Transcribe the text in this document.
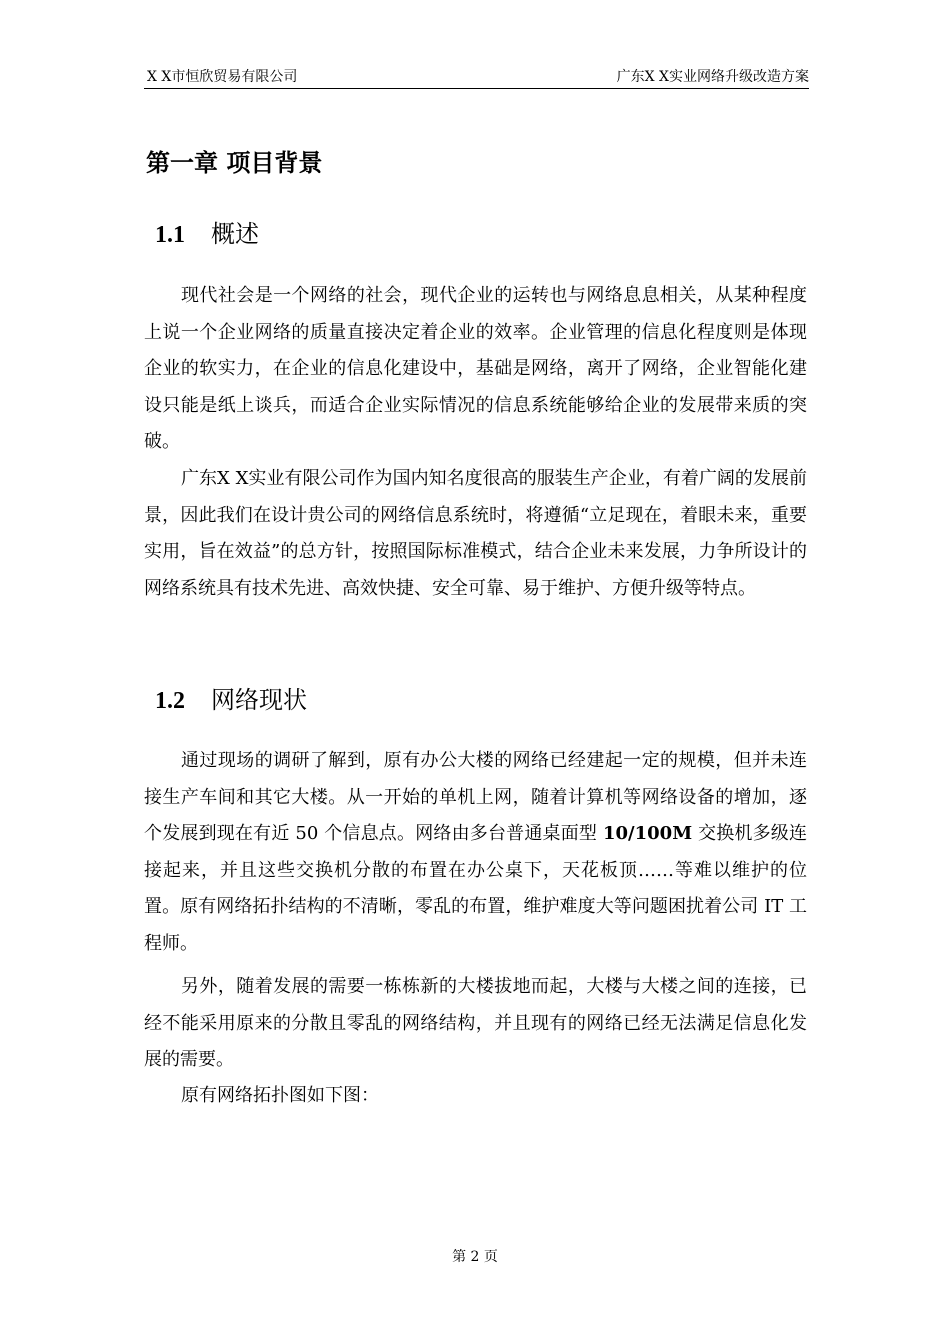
X X市恒欣贸易有限公司	广东X X实业网络升级改造方案
第一章 项目背景
1.1 概述

现代社会是一个网络的社会，现代企业的运转也与网络息息相关，从某种程度上说一个企业网络的质量直接决定着企业的效率。企业管理的信息化程度则是体现企业的软实力，在企业的信息化建设中，基础是网络，离开了网络，企业智能化建设只能是纸上谈兵，而适合企业实际情况的信息系统能够给企业的发展带来质的突破。

广东X X实业有限公司作为国内知名度很高的服装生产企业，有着广阔的发展前景，因此我们在设计贵公司的网络信息系统时，将遵循“立足现在，着眼未来，重要实用，旨在效益”的总方针，按照国际标准模式，结合企业未来发展，力争所设计的网络系统具有技术先进、高效快捷、安全可靠、易于维护、方便升级等特点。

1.2 网络现状

通过现场的调研了解到，原有办公大楼的网络已经建起一定的规模，但并未连接生产车间和其它大楼。从一开始的单机上网，随着计算机等网络设备的增加，逐个发展到现在有近 50 个信息点。网络由多台普通桌面型 10/100M 交换机多级连接起来，并且这些交换机分散的布置在办公桌下，天花板顶……等难以维护的位置。原有网络拓扑结构的不清晰，零乱的布置，维护难度大等问题困扰着公司 IT 工程师。

另外，随着发展的需要一栋栋新的大楼拔地而起，大楼与大楼之间的连接，已经不能采用原来的分散且零乱的网络结构，并且现有的网络已经无法满足信息化发展的需要。

原有网络拓扑图如下图：

第 2 页
